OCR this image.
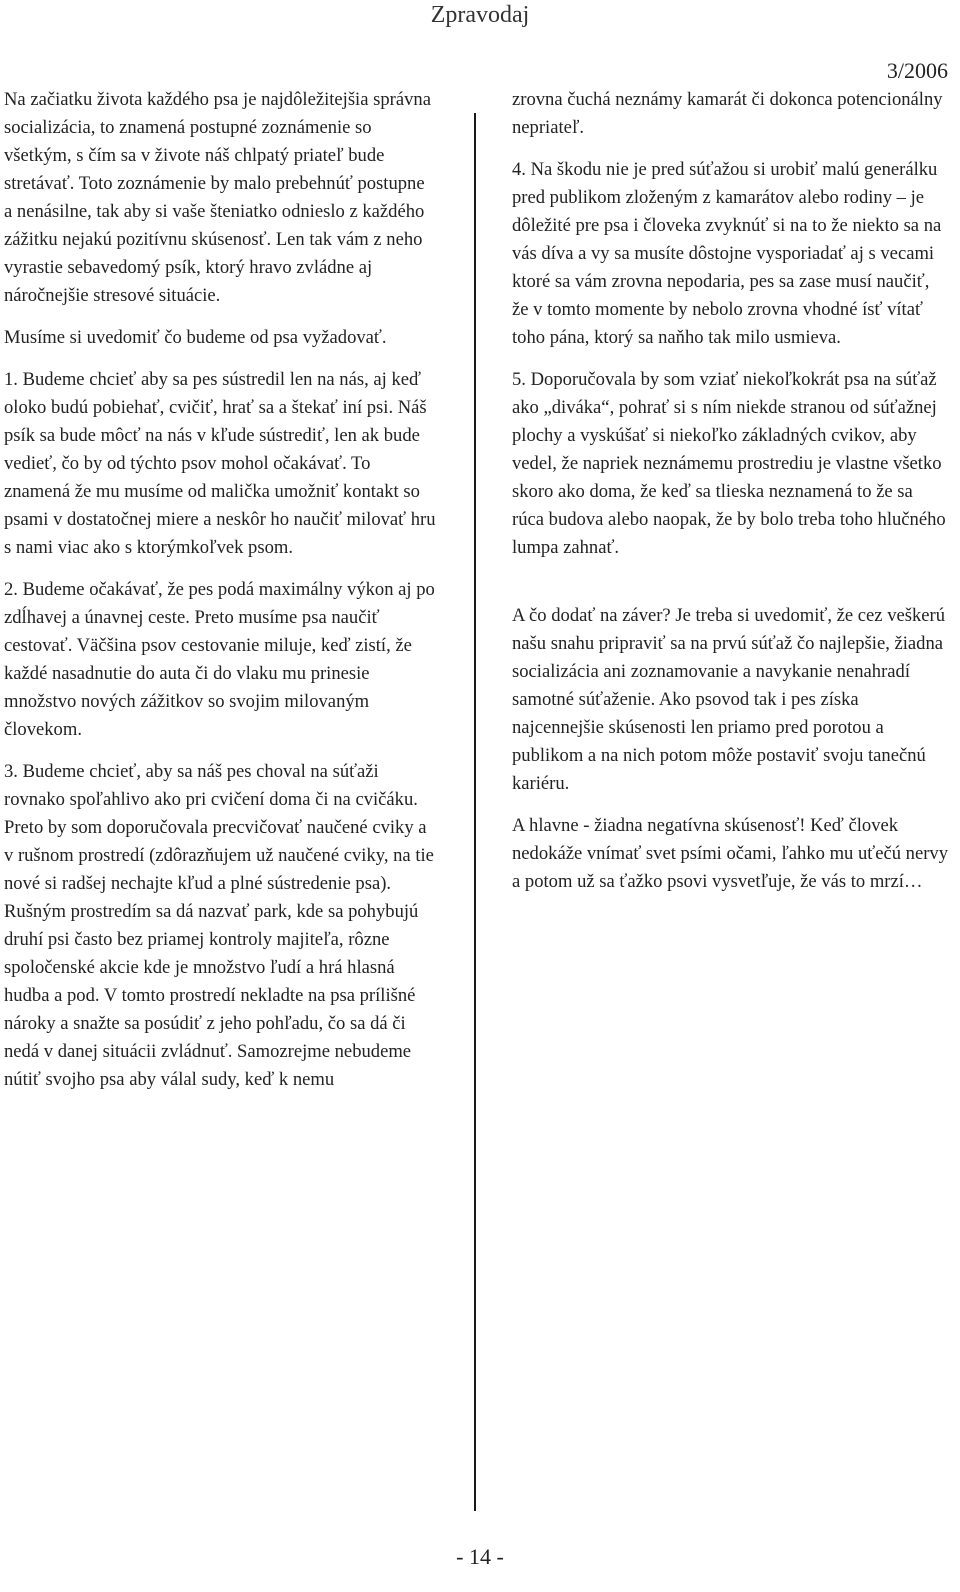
Zpravodaj
3/2006

Na začiatku života každého psa je najdôležitejšia správna socializácia, to znamená postupné zoznámenie so všetkým, s čím sa v živote náš chlpatý priateľ bude stretávať. Toto zoznámenie by malo prebehnúť postupne a nenásilne, tak aby si vaše šteniatko odnieslo z každého zážitku nejakú pozitívnu skúsenosť. Len tak vám z neho vyrastie sebavedomý psík, ktorý hravo zvládne aj náročnejšie stresové situácie.

Musíme si uvedomiť čo budeme od psa vyžadovať.

1. Budeme chcieť aby sa pes sústredil len na nás, aj keď oloko budú pobiehať, cvičiť, hrať sa a štekať iní psi. Náš psík sa bude môcť na nás v kľude sústrediť, len ak bude vedieť, čo by od týchto psov mohol očakávať. To znamená že mu musíme od malička umožniť kontakt so psami v dostatočnej miere a neskôr ho naučiť milovať hru s nami viac ako s ktorýmkoľvek psom.

2. Budeme očakávať, že pes podá maximálny výkon aj po zdĺhavej a únavnej ceste. Preto musíme psa naučiť cestovať. Väčšina psov cestovanie miluje, keď zistí, že každé nasadnutie do auta či do vlaku mu prinesie množstvo nových zážitkov so svojim milovaným človekom.

3. Budeme chcieť, aby sa náš pes choval na súťaži rovnako spoľahlivo ako pri cvičení doma či na cvičáku. Preto by som doporučovala precvičovať naučené cviky a v rušnom prostredí (zdôrazňujem už naučené cviky, na tie nové si radšej nechajte kľud a plné sústredenie psa). Rušným prostredím sa dá nazvať park, kde sa pohybujú druhí psi často bez priamej kontroly majiteľa, rôzne spoločenské akcie kde je množstvo ľudí a hrá hlasná hudba a pod. V tomto prostredí nekladte na psa prílišné nároky a snažte sa posúdiť z jeho pohľadu, čo sa dá či nedá v danej situácii zvládnuť. Samozrejme nebudeme nútiť svojho psa aby válal sudy, keď k nemu

zrovna čuchá neznámy kamarát či dokonca potencionálny nepriateľ.

4. Na škodu nie je pred súťažou si urobiť malú generálku pred publikom zloženým z kamarátov alebo rodiny – je dôležité pre psa i človeka zvyknúť si na to že niekto sa na vás díva a vy sa musíte dôstojne vysporiadať aj s vecami ktoré sa vám zrovna nepodaria, pes sa zase musí naučiť, že v tomto momente by nebolo zrovna vhodné ísť vítať toho pána, ktorý sa naňho tak milo usmieva.

5. Doporučovala by som vziať niekoľkokrát psa na súťaž ako „diváka“, pohrať si s ním niekde stranou od súťažnej plochy a vyskúšať si niekoľko základných cvikov, aby vedel, že napriek neznámemu prostrediu je vlastne všetko skoro ako doma, že keď sa tlieska neznamená to že sa rúca budova alebo naopak, že by bolo treba toho hlučného lumpa zahnať.

A čo dodať na záver? Je treba si uvedomiť, že cez veškerú našu snahu pripraviť sa na prvú súťaž čo najlepšie, žiadna socializácia ani zoznamovanie a navykanie nenahradí samotné súťaženie. Ako psovod tak i pes získa najcennejšie skúsenosti len priamo pred porotou a publikom a na nich potom môže postaviť svoju tanečnú kariéru.

A hlavne - žiadna negatívna skúsenosť! Keď človek nedokáže vnímať svet psími očami, ľahko mu uťečú nervy a potom už sa ťažko psovi vysvetľuje, že vás to mrzí…

- 14 -
